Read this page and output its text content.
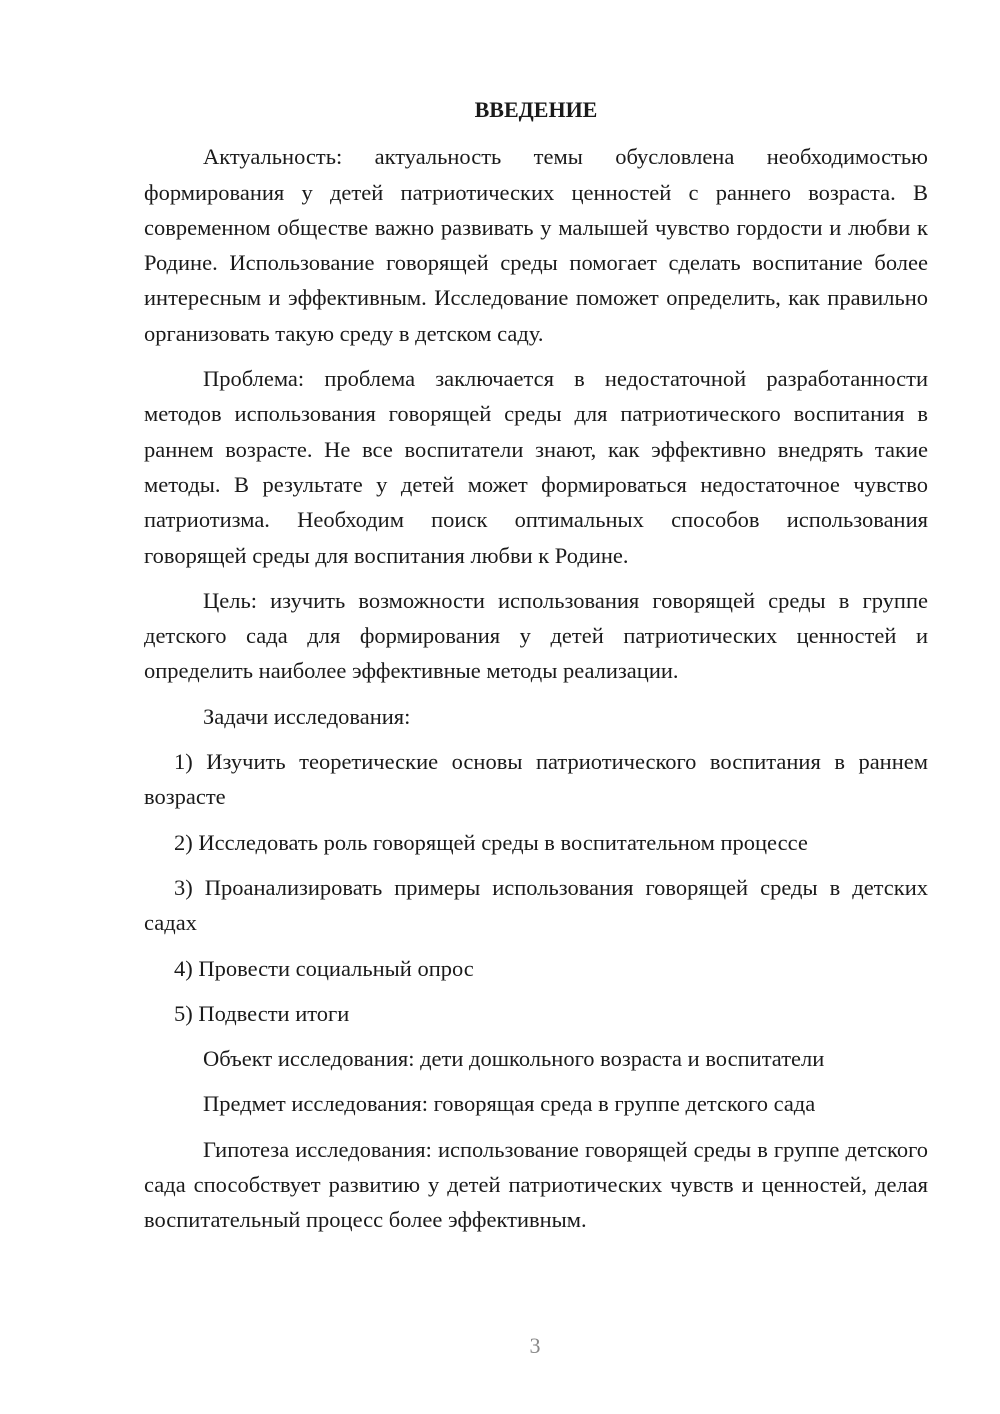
ВВЕДЕНИЕ

Актуальность: актуальность темы обусловлена необходимостью формирования у детей патриотических ценностей с раннего возраста. В современном обществе важно развивать у малышей чувство гордости и любви к Родине. Использование говорящей среды помогает сделать воспитание более интересным и эффективным. Исследование поможет определить, как правильно организовать такую среду в детском саду.

Проблема: проблема заключается в недостаточной разработанности методов использования говорящей среды для патриотического воспитания в раннем возрасте. Не все воспитатели знают, как эффективно внедрять такие методы. В результате у детей может формироваться недостаточное чувство патриотизма. Необходим поиск оптимальных способов использования говорящей среды для воспитания любви к Родине.

Цель: изучить возможности использования говорящей среды в группе детского сада для формирования у детей патриотических ценностей и определить наиболее эффективные методы реализации.

Задачи исследования:

1) Изучить теоретические основы патриотического воспитания в раннем возрасте

2) Исследовать роль говорящей среды в воспитательном процессе

3) Проанализировать примеры использования говорящей среды в детских садах

4) Провести социальный опрос

5) Подвести итоги

Объект исследования: дети дошкольного возраста и воспитатели

Предмет исследования: говорящая среда в группе детского сада

Гипотеза исследования: использование говорящей среды в группе детского сада способствует развитию у детей патриотических чувств и ценностей, делая воспитательный процесс более эффективным.

3
